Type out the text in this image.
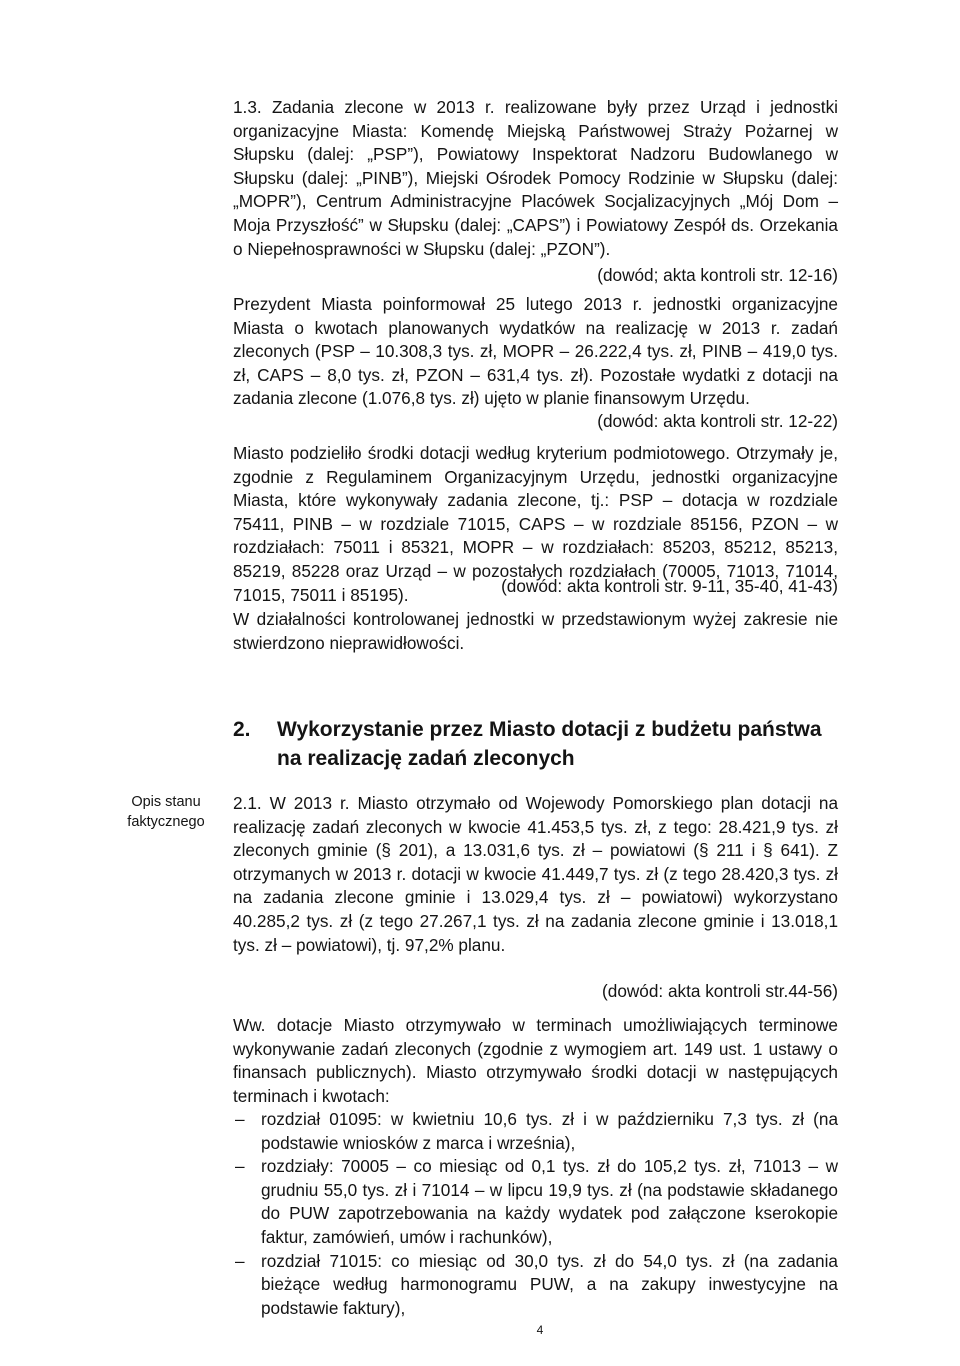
1.3. Zadania zlecone w 2013 r. realizowane były przez Urząd i jednostki organizacyjne Miasta: Komendę Miejską Państwowej Straży Pożarnej w Słupsku (dalej: „PSP”), Powiatowy Inspektorat Nadzoru Budowlanego w Słupsku (dalej: „PINB”), Miejski Ośrodek Pomocy Rodzinie w Słupsku (dalej: „MOPR”), Centrum Administracyjne Placówek Socjalizacyjnych „Mój Dom – Moja Przyszłość” w Słupsku (dalej: „CAPS”) i Powiatowy Zespół ds. Orzekania o Niepełnosprawności w Słupsku (dalej: „PZON”).

(dowód; akta kontroli str. 12-16)

Prezydent Miasta poinformował 25 lutego 2013 r. jednostki organizacyjne Miasta o kwotach planowanych wydatków na realizację w 2013 r. zadań zleconych (PSP – 10.308,3 tys. zł, MOPR – 26.222,4 tys. zł, PINB – 419,0 tys. zł, CAPS – 8,0 tys. zł, PZON – 631,4 tys. zł). Pozostałe wydatki z dotacji na zadania zlecone (1.076,8 tys. zł) ujęto w planie finansowym Urzędu.

(dowód: akta kontroli str. 12-22)

Miasto podzieliło środki dotacji według kryterium podmiotowego. Otrzymały je, zgodnie z Regulaminem Organizacyjnym Urzędu, jednostki organizacyjne Miasta, które wykonywały zadania zlecone, tj.: PSP – dotacja w rozdziale 75411, PINB – w rozdziale 71015, CAPS – w rozdziale 85156, PZON – w rozdziałach: 75011 i 85321, MOPR – w rozdziałach: 85203, 85212, 85213, 85219, 85228 oraz Urząd – w pozostałych rozdziałach (70005, 71013, 71014, 71015, 75011 i 85195).	(dowód: akta kontroli str. 9-11, 35-40, 41-43)

W działalności kontrolowanej jednostki w przedstawionym wyżej zakresie nie stwierdzono nieprawidłowości.

2. Wykorzystanie przez Miasto dotacji z budżetu państwa na realizację zadań zleconych
Opis stanu faktycznego

2.1. W 2013 r. Miasto otrzymało od Wojewody Pomorskiego plan dotacji na realizację zadań zleconych w kwocie 41.453,5 tys. zł, z tego: 28.421,9 tys. zł zleconych gminie (§ 201), a 13.031,6 tys. zł – powiatowi (§ 211 i § 641). Z otrzymanych w 2013 r. dotacji w kwocie 41.449,7 tys. zł (z tego 28.420,3 tys. zł na zadania zlecone gminie i 13.029,4 tys. zł – powiatowi) wykorzystano 40.285,2 tys. zł (z tego 27.267,1 tys. zł na zadania zlecone gminie i 13.018,1 tys. zł – powiatowi), tj. 97,2% planu.

(dowód: akta kontroli str.44-56)

Ww. dotacje Miasto otrzymywało w terminach umożliwiających terminowe wykonywanie zadań zleconych (zgodnie z wymogiem art. 149 ust. 1 ustawy o finansach publicznych). Miasto otrzymywało środki dotacji w następujących terminach i kwotach:

– rozdział 01095: w kwietniu 10,6 tys. zł i w październiku 7,3 tys. zł (na podstawie wniosków z marca i września),
– rozdziały: 70005 – co miesiąc od 0,1 tys. zł do 105,2 tys. zł, 71013 – w grudniu 55,0 tys. zł i 71014 – w lipcu 19,9 tys. zł (na podstawie składanego do PUW zapotrzebowania na każdy wydatek pod załączone kserokopie faktur, zamówień, umów i rachunków),
– rozdział 71015: co miesiąc od 30,0 tys. zł do 54,0 tys. zł (na zadania bieżące według harmonogramu PUW, a na zakupy inwestycyjne na podstawie faktury),
4
